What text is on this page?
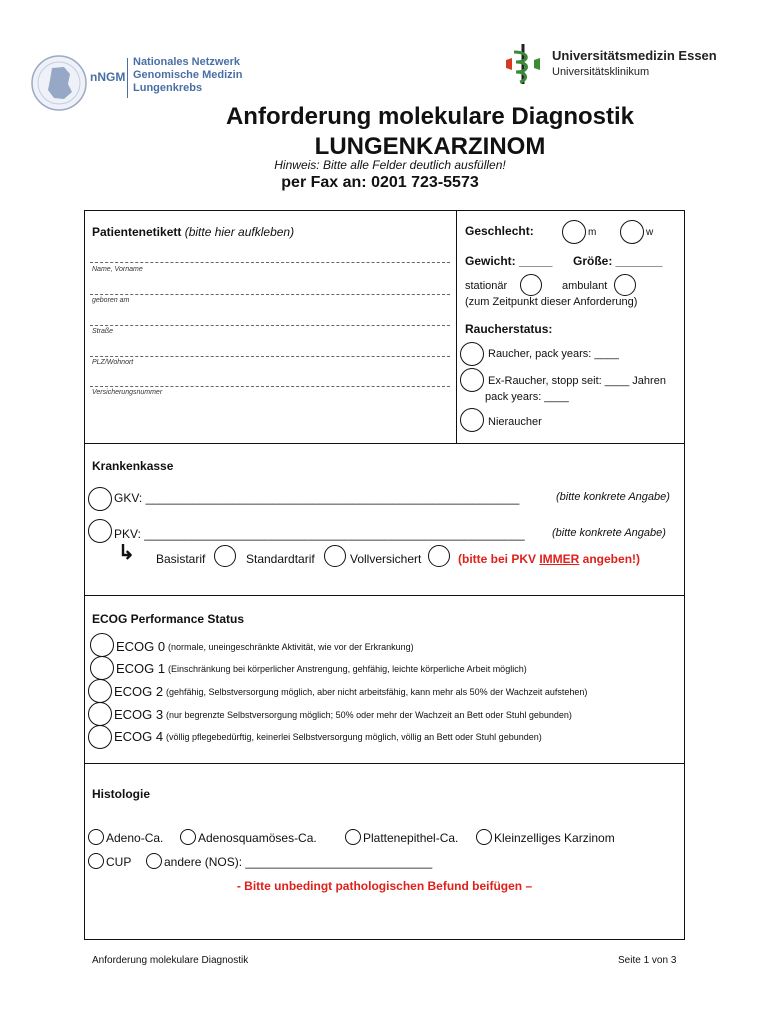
nNGM
Nationales Netzwerk
Genomische Medizin
Lungenkrebs
Universitätsmedizin Essen
Universitätsklinikum
Anforderung molekulare Diagnostik
LUNGENKARZINOM
Hinweis: Bitte alle Felder deutlich ausfüllen!
per Fax an: 0201 723-5573
Patientenetikett (bitte hier aufkleben)
Name, Vorname
geboren am
Straße
PLZ/Wohnort
Versicherungsnummer
Geschlecht:	m	w
Gewicht: _____ Größe: _______
stationär	ambulant
(zum Zeitpunkt dieser Anforderung)
Raucherstatus:
Raucher, pack years: ____
Ex-Raucher, stopp seit: ____ Jahren
pack years: ____
Nieraucher
Krankenkasse
GKV: ________________________________________________________	(bitte konkrete Angabe)
PKV: _________________________________________________________ (bitte konkrete Angabe)
↳ Basistarif	Standardtarif	Vollversichert	(bitte bei PKV IMMER angeben!)
ECOG Performance Status
ECOG 0 (normale, uneingeschränkte Aktivität, wie vor der Erkrankung)
ECOG 1 (Einschränkung bei körperlicher Anstrengung, gehfähig, leichte körperliche Arbeit möglich)
ECOG 2 (gehfähig, Selbstversorgung möglich, aber nicht arbeitsfähig, kann mehr als 50% der Wachzeit aufstehen)
ECOG 3 (nur begrenzte Selbstversorgung möglich; 50% oder mehr der Wachzeit an Bett oder Stuhl gebunden)
ECOG 4 (völlig pflegebedürftig, keinerlei Selbstversorgung möglich, völlig an Bett oder Stuhl gebunden)
Histologie
Adeno-Ca.	Adenosquamöses-Ca.	Plattenepithel-Ca.	Kleinzelliges Karzinom
CUP	andere (NOS): ____________________________
- Bitte unbedingt pathologischen Befund beifügen –
Anforderung molekulare Diagnostik	Seite 1 von 3
